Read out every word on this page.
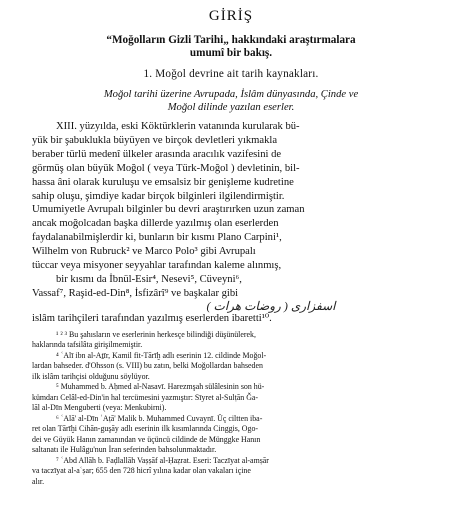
GİRİŞ
“Moğolların Gizli Tarihi„ hakkındaki araştırmalara
umumî bir bakış.
1. Moğol devrine ait tarih kaynakları.
Moğol tarihi üzerine Avrupada, İslâm dünyasında, Çinde ve
Moğol dilinde yazılan eserler.
XIII. yüzyılda, eski Köktürklerin vatanında kurularak bü-
yük bir şabuklukla büyüyen ve birçok devletleri yıkmakla
beraber türlü medenî ülkeler arasında aracılık vazifesini de
görmüş olan büyük Moğol ( veya Türk-Moğol ) devletinin, bil-
hassa âni olarak kuruluşu ve emsalsiz bir genişleme kudretine
sahip oluşu, şimdiye kadar birçok bilginleri ilgilendirmiştir.
Umumiyetle Avrupalı bilginler bu devri araştırırken uzun zaman
ancak moğolcadan başka dillerde yazılmış olan eserlerden
faydalanabilmişlerdir ki, bunların bir kısmı Plano Carpini¹,
Wilhelm von Rubruck² ve Marco Polo³ gibi Avrupalı
tüccar veya misyoner seyyahlar tarafından kaleme alınmış,
bir kısmı da İbnül-Esir⁴, Nesevi⁵, Cüveyni⁶,
Vassaf⁷, Raşid-ed-Din⁸, İsfizârî⁹ ve başkalar gibi
اسفزاری ( روضات هرات )
islâm tarihçileri tarafından yazılmış eserlerden ibaretti¹⁰.
¹ ² ³ Bu şahısların ve eserlerinin herkesçe bilindiği düşünülerek,
haklarında tafsilâta girişilmemiştir.
⁴ ʿAlī ibn al-Aṯīr, Kamil fit-Tārīḫ adlı eserinin 12. cildinde Moğol-
lardan bahseder. d'Ohsson (s. VIII) bu zatın, belki Moğollardan bahseden
ilk islâm tarihçisi olduğunu söylüyor.
⁵ Muhammed b. Aḥmed al-Nasavī. Harezmşah sülâlesinin son hü-
kümdarı Celâl-ed-Din'in hal tercümesini yazmıştır: Sīyret al-Sulṭān Ǧa-
lāl al-Dīn Menguberti (veya: Menkubirni).
⁶ ʿAlā' al-Dīn ʿAṭā' Malik b. Muhammed Cuvaynī. Üç ciltten iba-
ret olan Tārīḫi Cihān-guşāy adlı eserinin ilk kısımlarında Cinggis, Ogo-
dei ve Güyük Hanın zamanından ve üçüncü cildinde de Münggke Hanın
saltanatı ile Hulâgu'nun İran seferinden bahsolunmaktadır.
⁷ ʿAbd Allāh b. Faḍlallāh Vaṣṣāf al-Ḥaẓrat. Eseri: Taczīyat al-amṣār
va taczīyat al-aʿṣar; 655 den 728 hicrî yılına kadar olan vakaları içine
alır.
